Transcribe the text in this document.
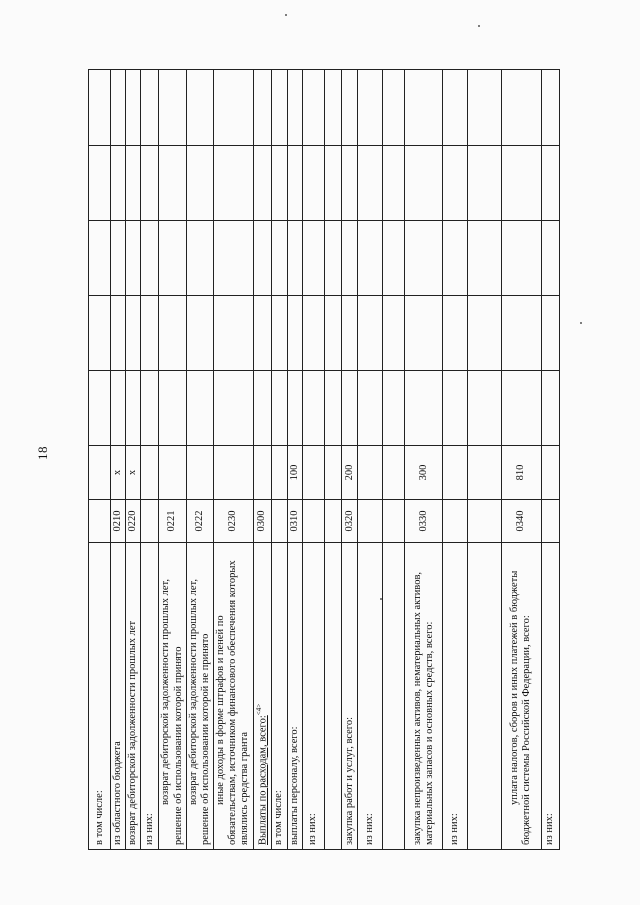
18
в том числе:							
из областного бюджета	0210	x					
возврат дебиторской задолженности прошлых лет	0220	x					
из них:							
возврат дебиторской задолженности прошлых лет, решение об использовании которой принято	0221						
возврат дебиторской задолженности прошлых лет, решение об использовании которой не принято	0222						
иные доходы в форме штрафов и пеней по обязательствам, источником финансового обеспечения которых являлись средства гранта	0230						
Выплаты по расходам, всего:$^{<4>}$	0300						
в том числе:							
выплаты персоналу, всего:	0310	100					
из них:							

закупка работ и услуг, всего:	0320	200					
из них:							

закупка непроизведенных активов, нематериальных активов, материальных запасов и основных средств, всего:	0330	300					
из них:							

уплата налогов, сборов и иных платежей в бюджеты бюджетной системы Российской Федерации, всего:	0340	810					
из них:							
